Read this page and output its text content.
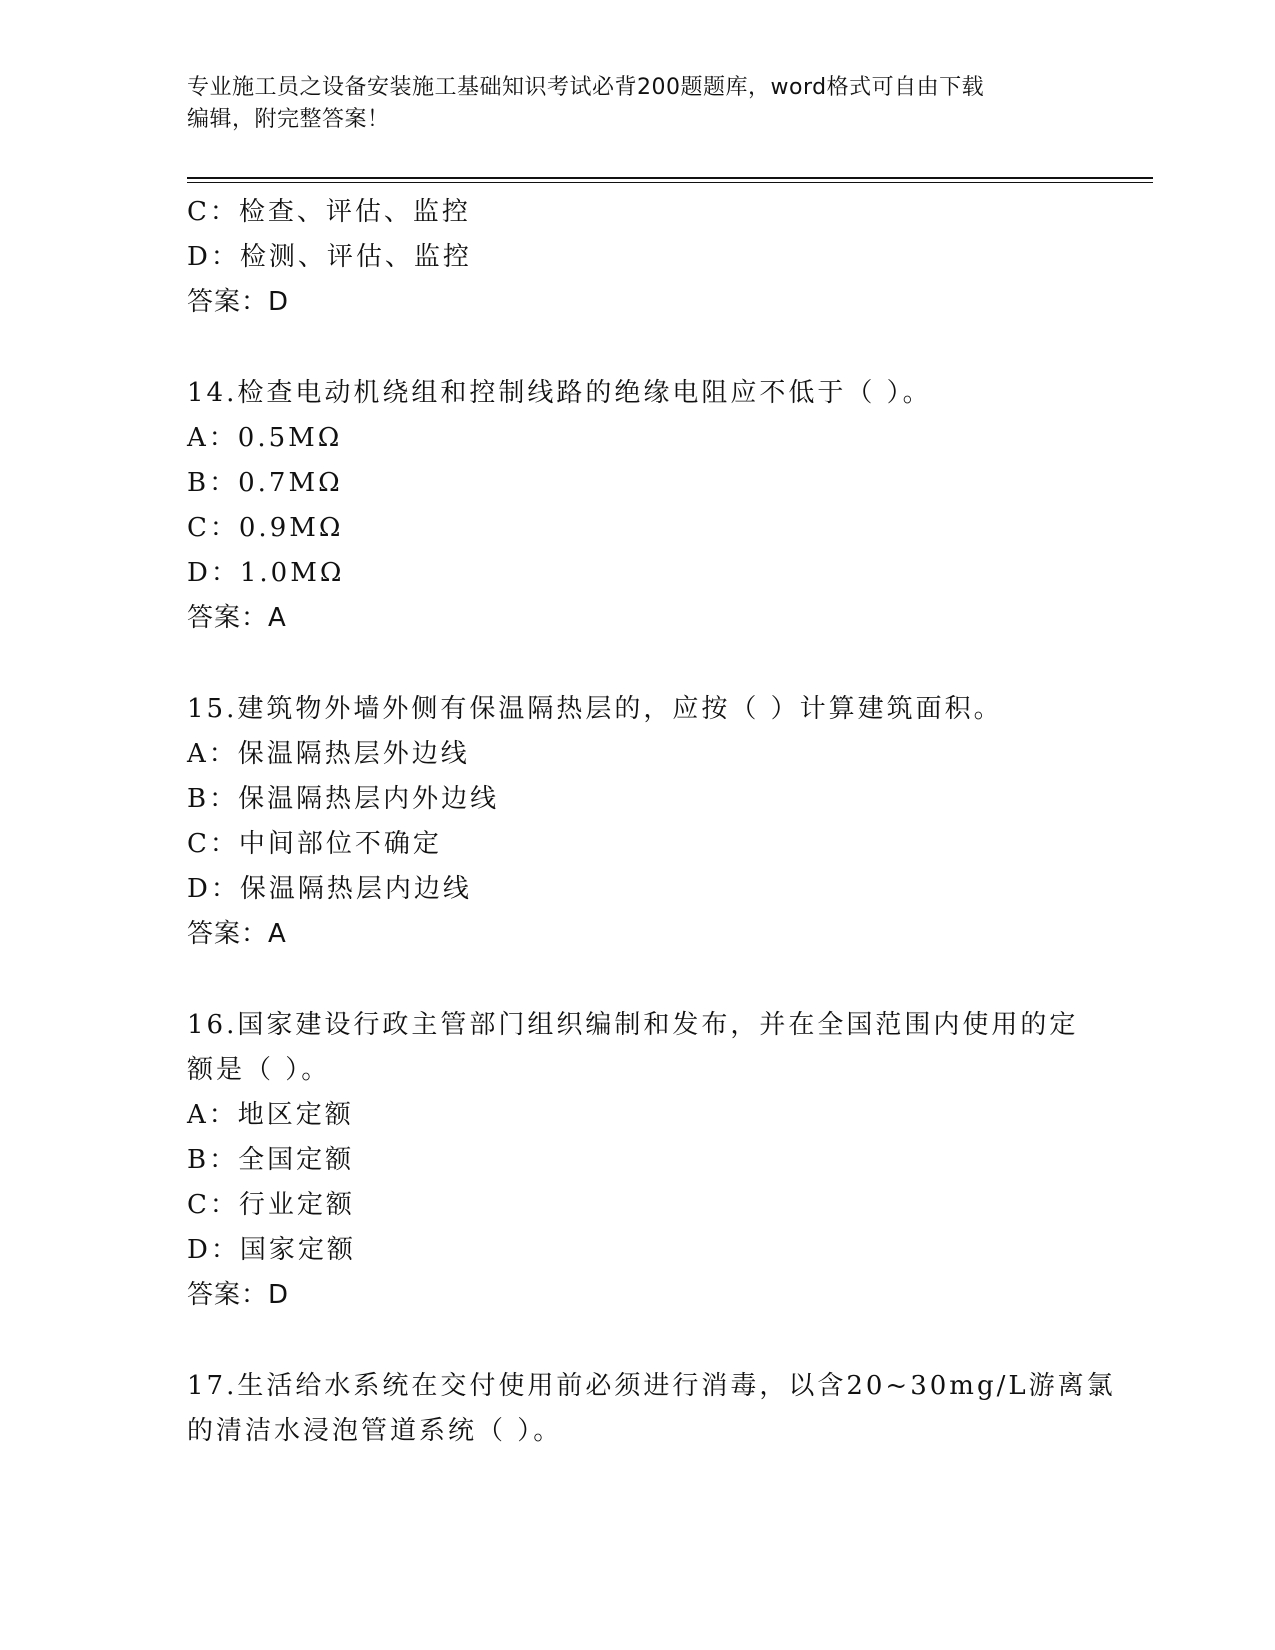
专业施工员之设备安装施工基础知识考试必背200题题库，word格式可自由下载
编辑，附完整答案！
C：检查、评估、监控
D：检测、评估、监控
答案：D
14.检查电动机绕组和控制线路的绝缘电阻应不低于（ ）。
A：0.5MΩ
B：0.7MΩ
C：0.9MΩ
D：1.0MΩ
答案：A
15.建筑物外墙外侧有保温隔热层的，应按（ ）计算建筑面积。
A：保温隔热层外边线
B：保温隔热层内外边线
C：中间部位不确定
D：保温隔热层内边线
答案：A
16.国家建设行政主管部门组织编制和发布，并在全国范围内使用的定
额是（ ）。
A：地区定额
B：全国定额
C：行业定额
D：国家定额
答案：D
17.生活给水系统在交付使用前必须进行消毒，以含20~30mg/L游离氯
的清洁水浸泡管道系统（ ）。
